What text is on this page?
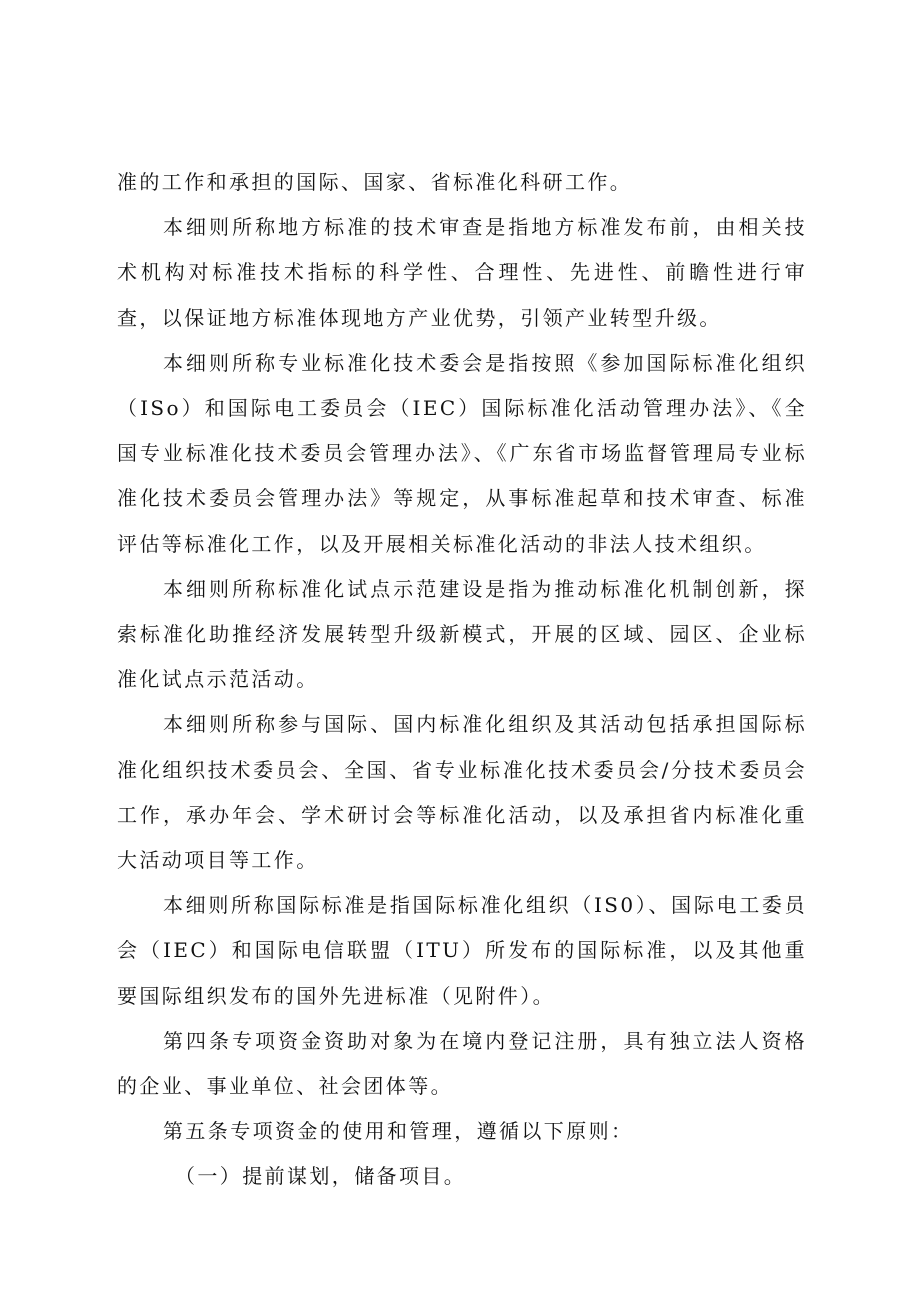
准的工作和承担的国际、国家、省标准化科研工作。

本细则所称地方标准的技术审查是指地方标准发布前，由相关技术机构对标准技术指标的科学性、合理性、先进性、前瞻性进行审查，以保证地方标准体现地方产业优势，引领产业转型升级。

本细则所称专业标准化技术委会是指按照《参加国际标准化组织（ISo）和国际电工委员会（IEC）国际标准化活动管理办法》、《全国专业标准化技术委员会管理办法》、《广东省市场监督管理局专业标准化技术委员会管理办法》等规定，从事标准起草和技术审查、标准评估等标准化工作，以及开展相关标准化活动的非法人技术组织。

本细则所称标准化试点示范建设是指为推动标准化机制创新，探索标准化助推经济发展转型升级新模式，开展的区域、园区、企业标准化试点示范活动。

本细则所称参与国际、国内标准化组织及其活动包括承担国际标准化组织技术委员会、全国、省专业标准化技术委员会/分技术委员会工作，承办年会、学术研讨会等标准化活动，以及承担省内标准化重大活动项目等工作。

本细则所称国际标准是指国际标准化组织（IS0）、国际电工委员会（IEC）和国际电信联盟（ITU）所发布的国际标准，以及其他重要国际组织发布的国外先进标准（见附件）。

第四条专项资金资助对象为在境内登记注册，具有独立法人资格的企业、事业单位、社会团体等。

第五条专项资金的使用和管理，遵循以下原则：

（一）提前谋划，储备项目。
